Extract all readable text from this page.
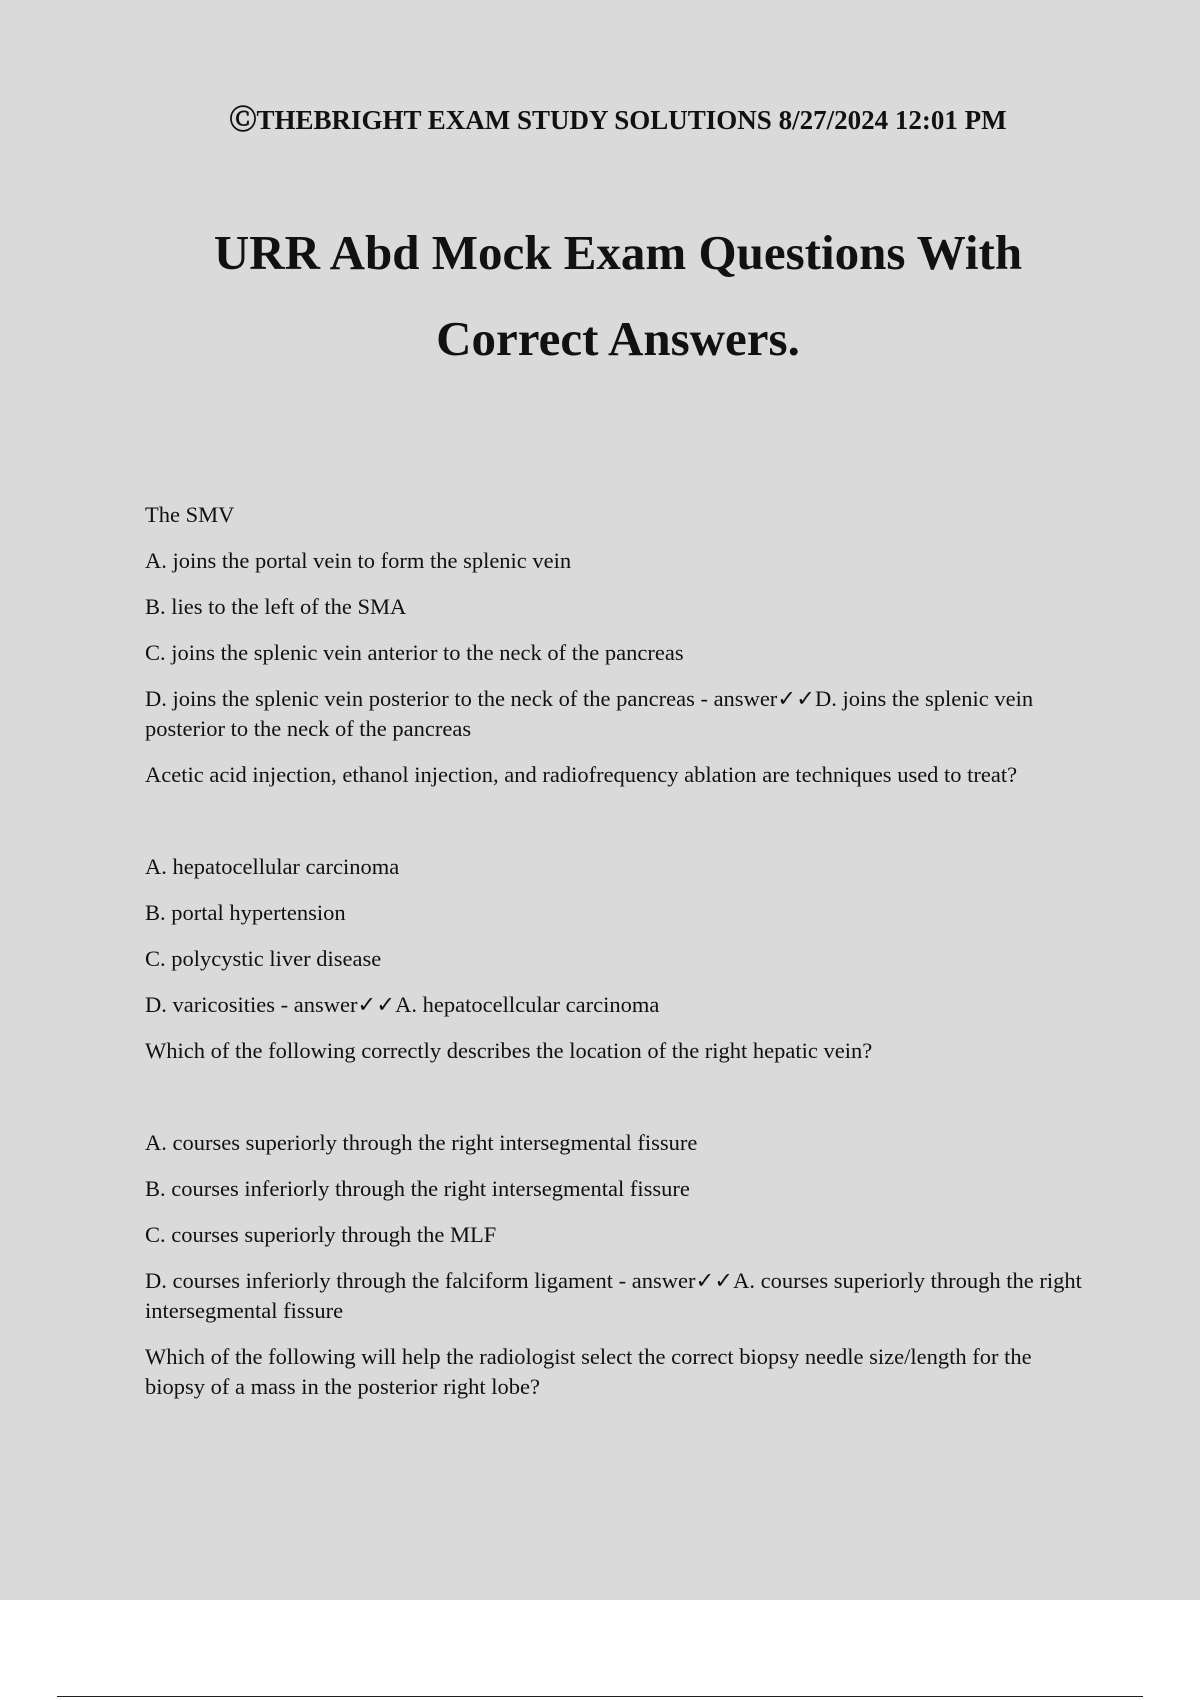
ⒸTHEBRIGHT EXAM STUDY SOLUTIONS 8/27/2024 12:01 PM
URR Abd Mock Exam Questions With
Correct Answers.
The SMV
A. joins the portal vein to form the splenic vein
B. lies to the left of the SMA
C. joins the splenic vein anterior to the neck of the pancreas
D. joins the splenic vein posterior to the neck of the pancreas - answer✓✓D. joins the splenic vein posterior to the neck of the pancreas
Acetic acid injection, ethanol injection, and radiofrequency ablation are techniques used to treat?
A. hepatocellular carcinoma
B. portal hypertension
C. polycystic liver disease
D. varicosities - answer✓✓A. hepatocellcular carcinoma
Which of the following correctly describes the location of the right hepatic vein?
A. courses superiorly through the right intersegmental fissure
B. courses inferiorly through the right intersegmental fissure
C. courses superiorly through the MLF
D. courses inferiorly through the falciform ligament - answer✓✓A. courses superiorly through the right intersegmental fissure
Which of the following will help the radiologist select the correct biopsy needle size/length for the biopsy of a mass in the posterior right lobe?
